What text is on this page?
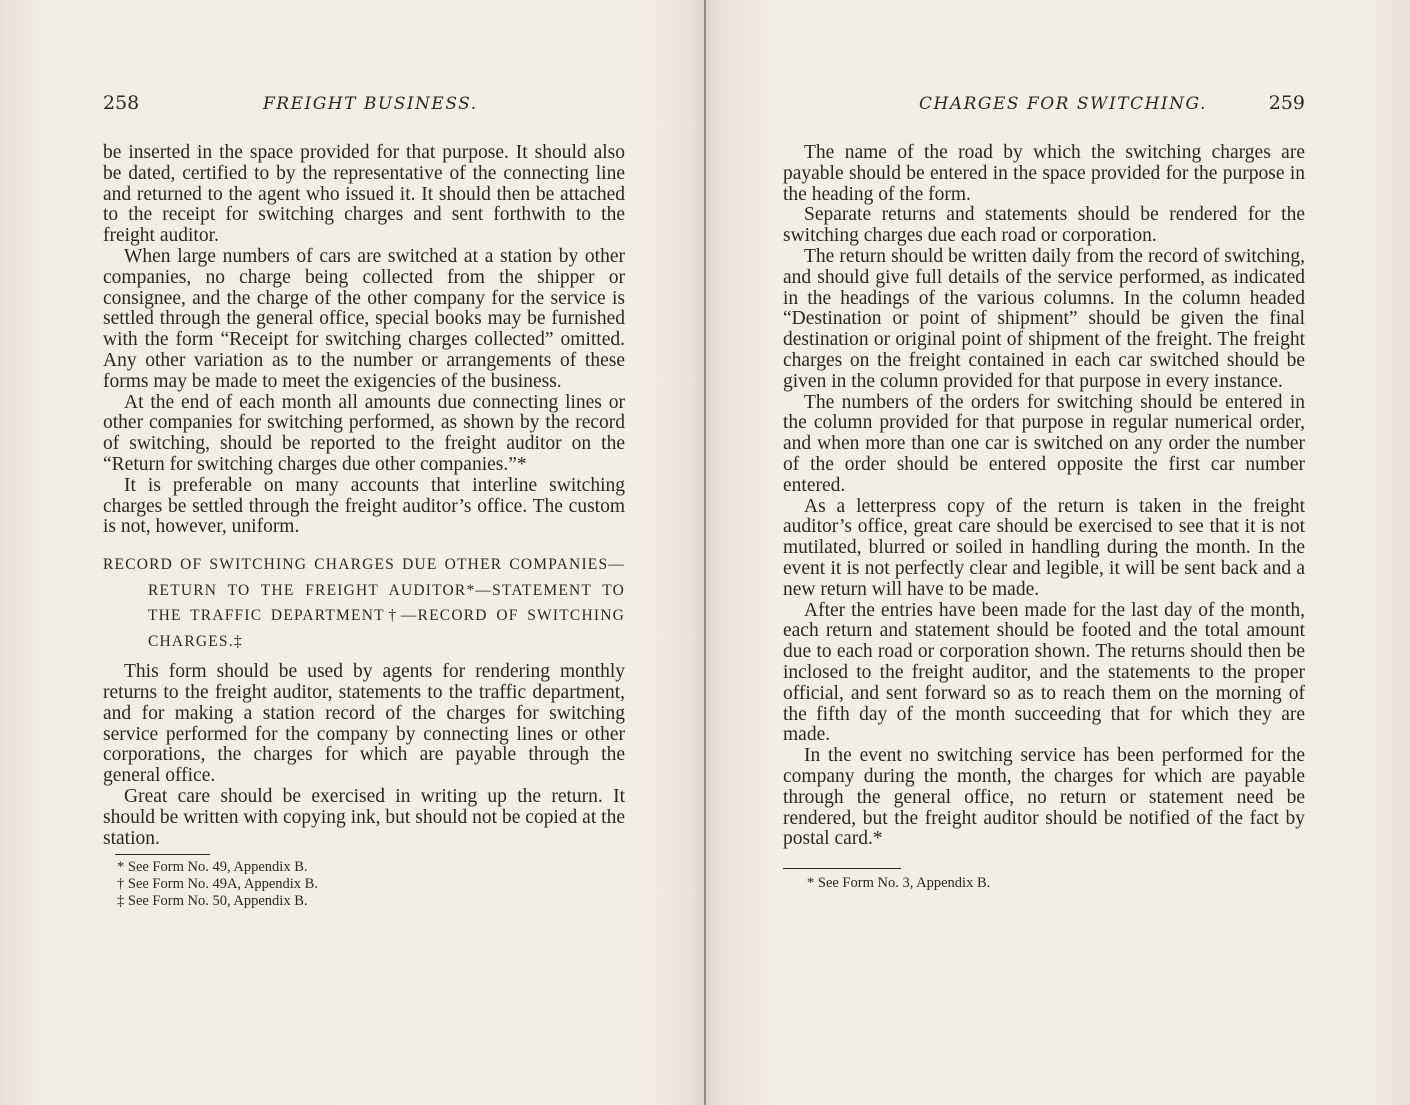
258	FREIGHT BUSINESS.

be inserted in the space provided for that purpose. It should also be dated, certified to by the representative of the connecting line and returned to the agent who issued it. It should then be attached to the receipt for switching charges and sent forthwith to the freight auditor.

When large numbers of cars are switched at a station by other companies, no charge being collected from the shipper or consignee, and the charge of the other company for the service is settled through the general office, special books may be furnished with the form “Receipt for switching charges collected” omitted. Any other variation as to the number or arrangements of these forms may be made to meet the exigencies of the business.

At the end of each month all amounts due connecting lines or other companies for switching performed, as shown by the record of switching, should be reported to the freight auditor on the “Return for switching charges due other companies.”*

It is preferable on many accounts that interline switching charges be settled through the freight auditor’s office. The custom is not, however, uniform.

RECORD OF SWITCHING CHARGES DUE OTHER COMPANIES—RETURN TO THE FREIGHT AUDITOR*—STATEMENT TO THE TRAFFIC DEPARTMENT†—RECORD OF SWITCHING CHARGES.‡

This form should be used by agents for rendering monthly returns to the freight auditor, statements to the traffic department, and for making a station record of the charges for switching service performed for the company by connecting lines or other corporations, the charges for which are payable through the general office.

Great care should be exercised in writing up the return. It should be written with copying ink, but should not be copied at the station.

* See Form No. 49, Appendix B.

† See Form No. 49A, Appendix B.

‡ See Form No. 50, Appendix B.

CHARGES FOR SWITCHING.	259

The name of the road by which the switching charges are payable should be entered in the space provided for the purpose in the heading of the form.

Separate returns and statements should be rendered for the switching charges due each road or corporation.

The return should be written daily from the record of switching, and should give full details of the service performed, as indicated in the headings of the various columns. In the column headed “Destination or point of shipment” should be given the final destination or original point of shipment of the freight. The freight charges on the freight contained in each car switched should be given in the column provided for that purpose in every instance.

The numbers of the orders for switching should be entered in the column provided for that purpose in regular numerical order, and when more than one car is switched on any order the number of the order should be entered opposite the first car number entered.

As a letterpress copy of the return is taken in the freight auditor’s office, great care should be exercised to see that it is not mutilated, blurred or soiled in handling during the month. In the event it is not perfectly clear and legible, it will be sent back and a new return will have to be made.

After the entries have been made for the last day of the month, each return and statement should be footed and the total amount due to each road or corporation shown. The returns should then be inclosed to the freight auditor, and the statements to the proper official, and sent forward so as to reach them on the morning of the fifth day of the month succeeding that for which they are made.

In the event no switching service has been performed for the company during the month, the charges for which are payable through the general office, no return or statement need be rendered, but the freight auditor should be notified of the fact by postal card.*

* See Form No. 3, Appendix B.
